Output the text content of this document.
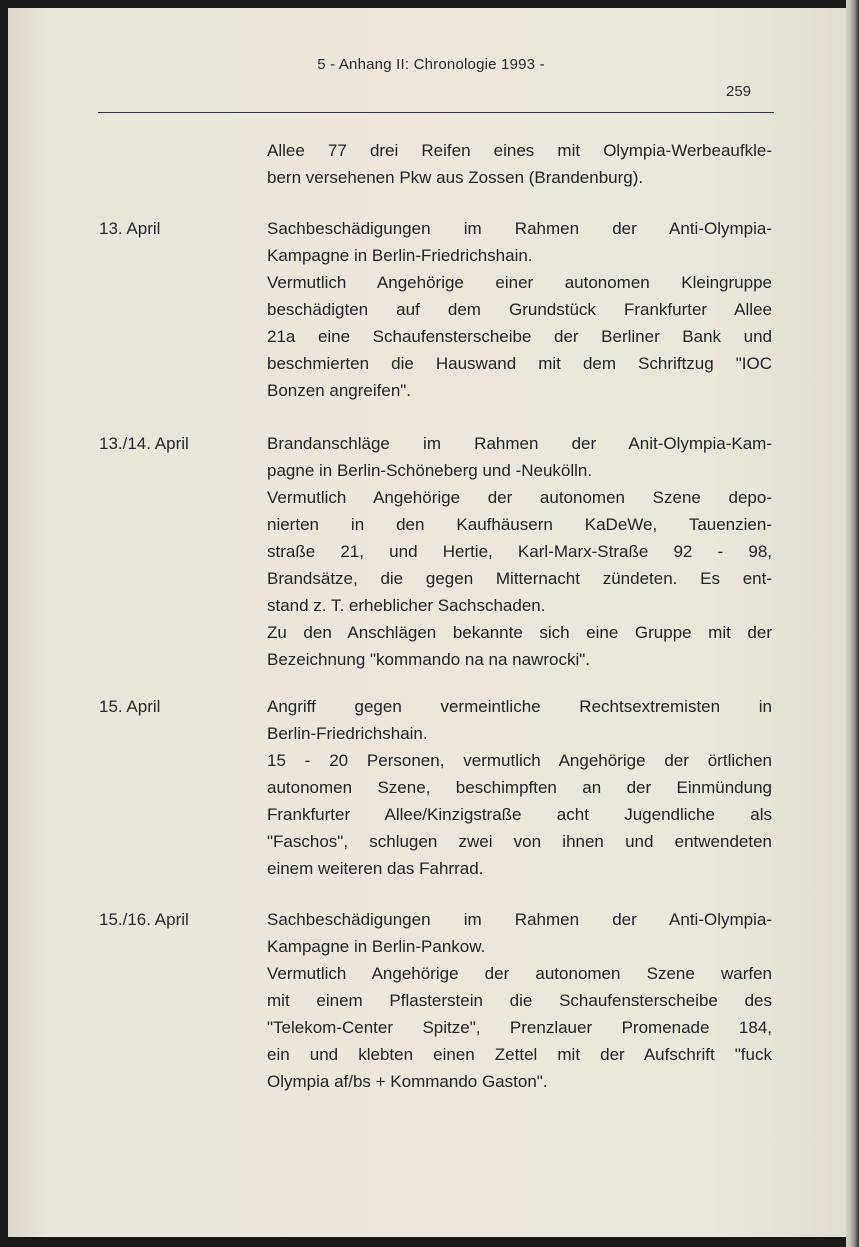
5 - Anhang II: Chronologie 1993 -
259
Allee 77 drei Reifen eines mit Olympia-Werbeaufkle-
bern versehenen Pkw aus Zossen (Brandenburg).
13. April	Sachbeschädigungen im Rahmen der Anti-Olympia-
Kampagne in Berlin-Friedrichshain.
Vermutlich Angehörige einer autonomen Kleingruppe
beschädigten auf dem Grundstück Frankfurter Allee
21a eine Schaufensterscheibe der Berliner Bank und
beschmierten die Hauswand mit dem Schriftzug "IOC
Bonzen angreifen".
13./14. April	Brandanschläge im Rahmen der Anit-Olympia-Kam-
pagne in Berlin-Schöneberg und -Neukölln.
Vermutlich Angehörige der autonomen Szene depo-
nierten in den Kaufhäusern KaDeWe, Tauenzien-
straße 21, und Hertie, Karl-Marx-Straße 92 - 98,
Brandsätze, die gegen Mitternacht zündeten. Es ent-
stand z. T. erheblicher Sachschaden.
Zu den Anschlägen bekannte sich eine Gruppe mit der
Bezeichnung "kommando na na nawrocki".
15. April	Angriff gegen vermeintliche Rechtsextremisten in
Berlin-Friedrichshain.
15 - 20 Personen, vermutlich Angehörige der örtlichen
autonomen Szene, beschimpften an der Einmündung
Frankfurter Allee/Kinzigstraße acht Jugendliche als
"Faschos", schlugen zwei von ihnen und entwendeten
einem weiteren das Fahrrad.
15./16. April	Sachbeschädigungen im Rahmen der Anti-Olympia-
Kampagne in Berlin-Pankow.
Vermutlich Angehörige der autonomen Szene warfen
mit einem Pflasterstein die Schaufensterscheibe des
"Telekom-Center Spitze", Prenzlauer Promenade 184,
ein und klebten einen Zettel mit der Aufschrift "fuck
Olympia af/bs + Kommando Gaston".
